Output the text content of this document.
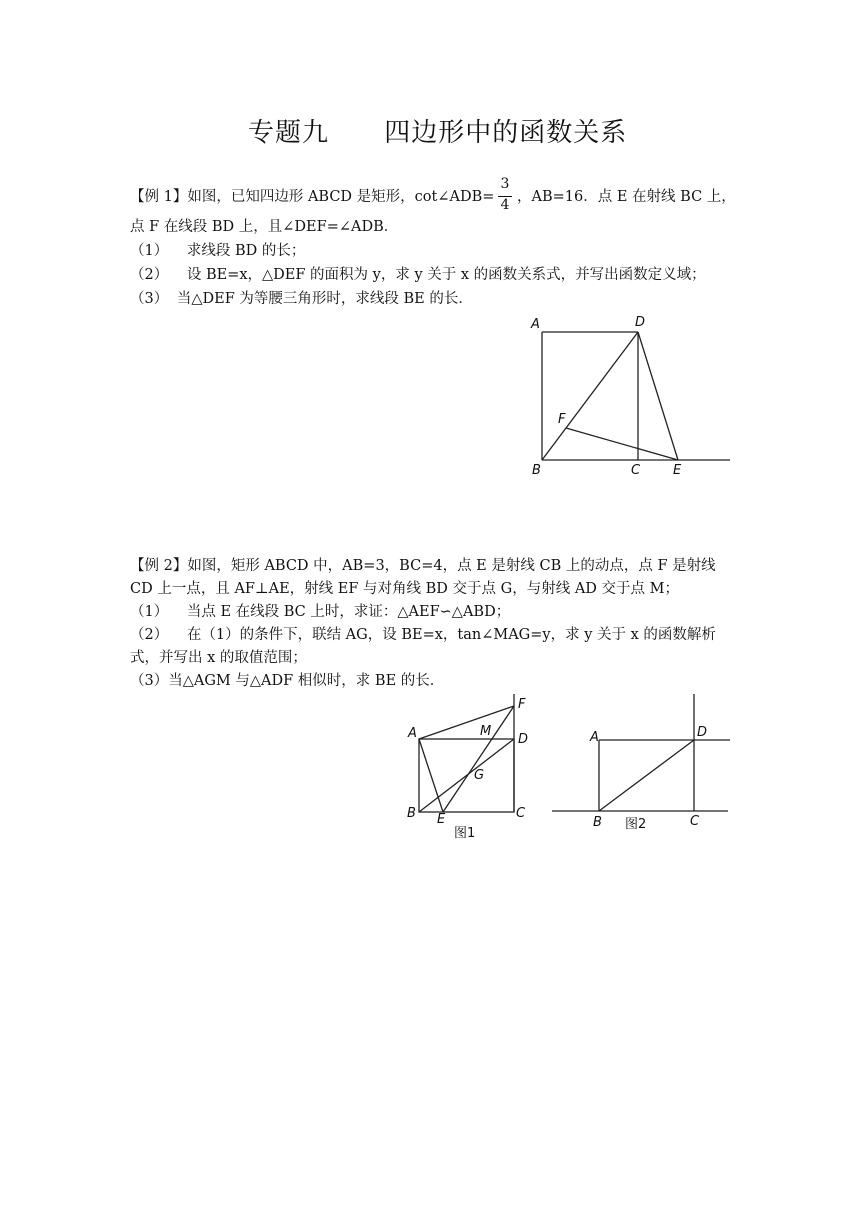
专题九 四边形中的函数关系
【例 1】如图，已知四边形 ABCD 是矩形，cot∠ADB=
3
4 ，AB=16．点 E 在射线 BC 上，
点 F 在线段 BD 上，且∠DEF=∠ADB．
（1） 求线段 BD 的长；
（2） 设 BE=x，△DEF 的面积为 y，求 y 关于 x 的函数关系式，并写出函数定义域；
（3） 当△DEF 为等腰三角形时，求线段 BE 的长．
A	D
F
B	C	E
【例 2】如图，矩形 ABCD 中，AB=3，BC=4，点 E 是射线 CB 上的动点，点 F 是射线
CD 上一点，且 AF⊥AE，射线 EF 与对角线 BD 交于点 G，与射线 AD 交于点 M；
（1） 当点 E 在线段 BC 上时，求证：△AEF∽△ABD；
（2） 在（1）的条件下，联结 AG，设 BE=x，tan∠MAG=y，求 y 关于 x 的函数解析
式，并写出 x 的取值范围；
（3）当△AGM 与△ADF 相似时，求 BE 的长．
F
A	M
D
G
B E	C
图1
A	D
B	C
图2
